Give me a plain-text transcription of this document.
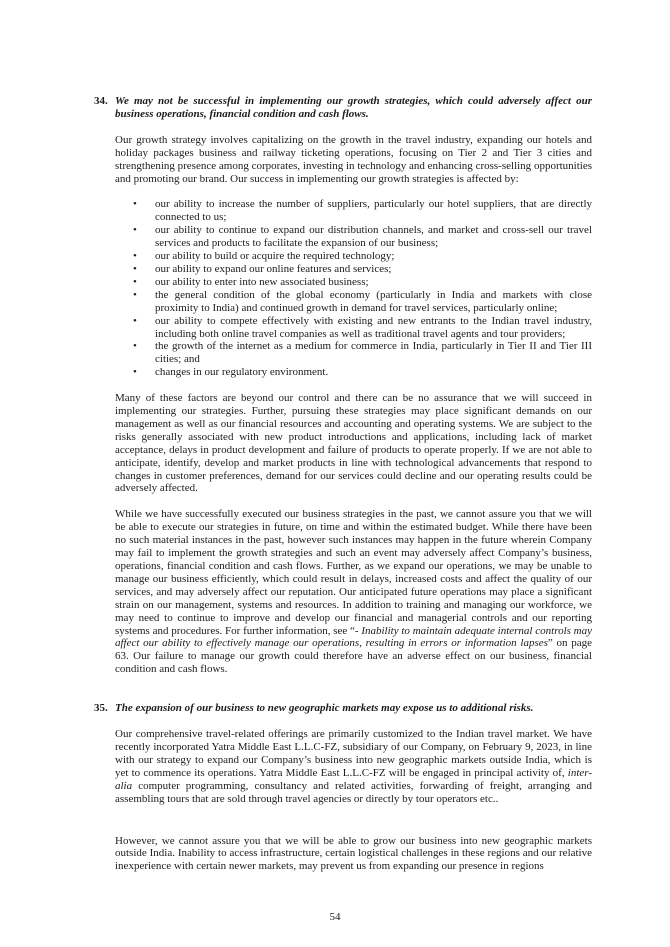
34. We may not be successful in implementing our growth strategies, which could adversely affect our business operations, financial condition and cash flows.

Our growth strategy involves capitalizing on the growth in the travel industry, expanding our hotels and holiday packages business and railway ticketing operations, focusing on Tier 2 and Tier 3 cities and strengthening presence among corporates, investing in technology and enhancing cross-selling opportunities and promoting our brand. Our success in implementing our growth strategies is affected by:

• our ability to increase the number of suppliers, particularly our hotel suppliers, that are directly connected to us;
• our ability to continue to expand our distribution channels, and market and cross-sell our travel services and products to facilitate the expansion of our business;
• our ability to build or acquire the required technology;
• our ability to expand our online features and services;
• our ability to enter into new associated business;
• the general condition of the global economy (particularly in India and markets with close proximity to India) and continued growth in demand for travel services, particularly online;
• our ability to compete effectively with existing and new entrants to the Indian travel industry, including both online travel companies as well as traditional travel agents and tour providers;
• the growth of the internet as a medium for commerce in India, particularly in Tier II and Tier III cities; and
• changes in our regulatory environment.

Many of these factors are beyond our control and there can be no assurance that we will succeed in implementing our strategies. Further, pursuing these strategies may place significant demands on our management as well as our financial resources and accounting and operating systems. We are subject to the risks generally associated with new product introductions and applications, including lack of market acceptance, delays in product development and failure of products to operate properly. If we are not able to anticipate, identify, develop and market products in line with technological advancements that respond to changes in customer preferences, demand for our services could decline and our operating results could be adversely affected.

While we have successfully executed our business strategies in the past, we cannot assure you that we will be able to execute our strategies in future, on time and within the estimated budget. While there have been no such material instances in the past, however such instances may happen in the future wherein Company may fail to implement the growth strategies and such an event may adversely affect Company’s business, operations, financial condition and cash flows. Further, as we expand our operations, we may be unable to manage our business efficiently, which could result in delays, increased costs and affect the quality of our services, and may adversely affect our reputation. Our anticipated future operations may place a significant strain on our management, systems and resources. In addition to training and managing our workforce, we may need to continue to improve and develop our financial and managerial controls and our reporting systems and procedures. For further information, see “- Inability to maintain adequate internal controls may affect our ability to effectively manage our operations, resulting in errors or information lapses” on page 63. Our failure to manage our growth could therefore have an adverse effect on our business, financial condition and cash flows.

35. The expansion of our business to new geographic markets may expose us to additional risks.

Our comprehensive travel-related offerings are primarily customized to the Indian travel market. We have recently incorporated Yatra Middle East L.L.C-FZ, subsidiary of our Company, on February 9, 2023, in line with our strategy to expand our Company’s business into new geographic markets outside India, which is yet to commence its operations. Yatra Middle East L.L.C-FZ will be engaged in principal activity of, inter-alia computer programming, consultancy and related activities, forwarding of freight, arranging and assembling tours that are sold through travel agencies or directly by tour operators etc..

However, we cannot assure you that we will be able to grow our business into new geographic markets outside India. Inability to access infrastructure, certain logistical challenges in these regions and our relative inexperience with certain newer markets, may prevent us from expanding our presence in regions

54
